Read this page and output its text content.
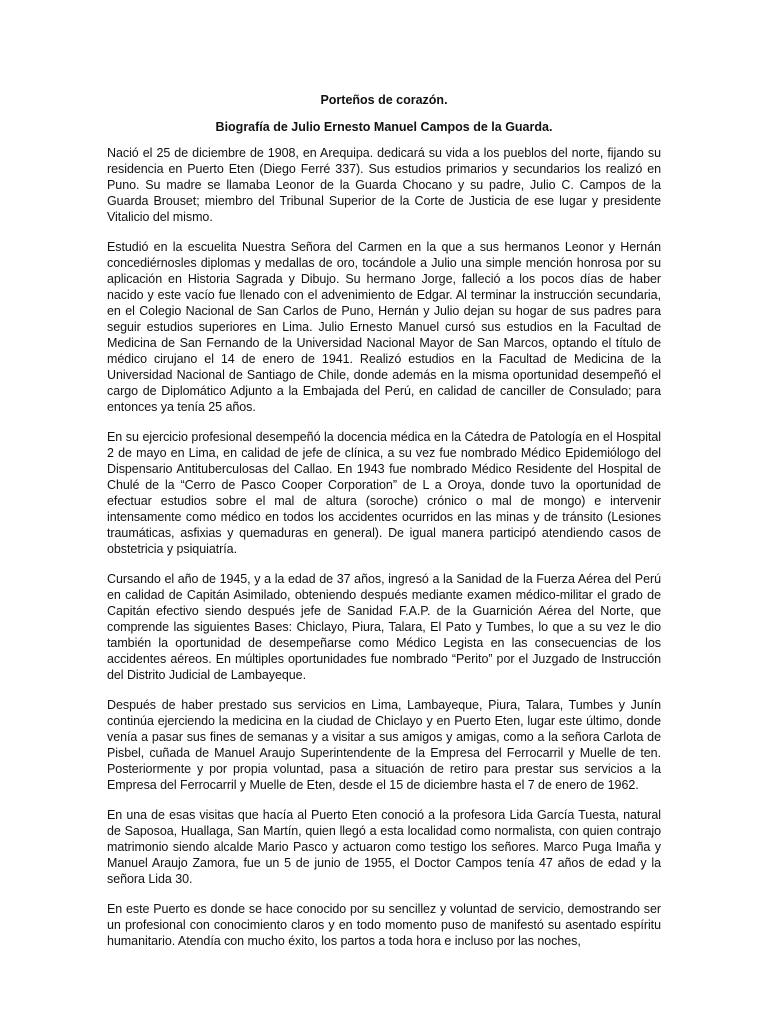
Porteños de corazón.
Biografía de Julio Ernesto Manuel Campos de la Guarda.

Nació el 25 de diciembre de 1908, en Arequipa. dedicará su vida a los pueblos del norte, fijando su residencia en Puerto Eten (Diego Ferré 337). Sus estudios primarios y secundarios los realizó en Puno. Su madre se llamaba Leonor de la Guarda Chocano y su padre, Julio C. Campos de la Guarda Brouset; miembro del Tribunal Superior de la Corte de Justicia de ese lugar y presidente Vitalicio del mismo.

Estudió en la escuelita Nuestra Señora del Carmen en la que a sus hermanos Leonor y Hernán concediérnosles diplomas y medallas de oro, tocándole a Julio una simple mención honrosa por su aplicación en Historia Sagrada y Dibujo. Su hermano Jorge, falleció a los pocos días de haber nacido y este vacío fue llenado con el advenimiento de Edgar. Al terminar la instrucción secundaria, en el Colegio Nacional de San Carlos de Puno, Hernán y Julio dejan su hogar de sus padres para seguir estudios superiores en Lima. Julio Ernesto Manuel cursó sus estudios en la Facultad de Medicina de San Fernando de la Universidad Nacional Mayor de San Marcos, optando el título de médico cirujano el 14 de enero de 1941. Realizó estudios en la Facultad de Medicina de la Universidad Nacional de Santiago de Chile, donde además en la misma oportunidad desempeñó el cargo de Diplomático Adjunto a la Embajada del Perú, en calidad de canciller de Consulado; para entonces ya tenía 25 años.

En su ejercicio profesional desempeñó la docencia médica en la Cátedra de Patología en el Hospital 2 de mayo en Lima, en calidad de jefe de clínica, a su vez fue nombrado Médico Epidemiólogo del Dispensario Antituberculosas del Callao. En 1943 fue nombrado Médico Residente del Hospital de Chulé de la “Cerro de Pasco Cooper Corporation” de L a Oroya, donde tuvo la oportunidad de efectuar estudios sobre el mal de altura (soroche) crónico o mal de mongo) e intervenir intensamente como médico en todos los accidentes ocurridos en las minas y de tránsito (Lesiones traumáticas, asfixias y quemaduras en general). De igual manera participó atendiendo casos de obstetricia y psiquiatría.

Cursando el año de 1945, y a la edad de 37 años, ingresó a la Sanidad de la Fuerza Aérea del Perú en calidad de Capitán Asimilado, obteniendo después mediante examen médico-militar el grado de Capitán efectivo siendo después jefe de Sanidad F.A.P. de la Guarnición Aérea del Norte, que comprende las siguientes Bases: Chiclayo, Piura, Talara, El Pato y Tumbes, lo que a su vez le dio también la oportunidad de desempeñarse como Médico Legista en las consecuencias de los accidentes aéreos. En múltiples oportunidades fue nombrado “Perito” por el Juzgado de Instrucción del Distrito Judicial de Lambayeque.

Después de haber prestado sus servicios en Lima, Lambayeque, Piura, Talara, Tumbes y Junín continúa ejerciendo la medicina en la ciudad de Chiclayo y en Puerto Eten, lugar este último, donde venía a pasar sus fines de semanas y a visitar a sus amigos y amigas, como a la señora Carlota de Pisbel, cuñada de Manuel Araujo Superintendente de la Empresa del Ferrocarril y Muelle de ten. Posteriormente y por propia voluntad, pasa a situación de retiro para prestar sus servicios a la Empresa del Ferrocarril y Muelle de Eten, desde el 15 de diciembre hasta el 7 de enero de 1962.

En una de esas visitas que hacía al Puerto Eten conoció a la profesora Lida García Tuesta, natural de Saposoa, Huallaga, San Martín, quien llegó a esta localidad como normalista, con quien contrajo matrimonio siendo alcalde Mario Pasco y actuaron como testigo los señores. Marco Puga Imaña y Manuel Araujo Zamora, fue un 5 de junio de 1955, el Doctor Campos tenía 47 años de edad y la señora Lida 30.

En este Puerto es donde se hace conocido por su sencillez y voluntad de servicio, demostrando ser un profesional con conocimiento claros y en todo momento puso de manifestó su asentado espíritu humanitario. Atendía con mucho éxito, los partos a toda hora e incluso por las noches,
